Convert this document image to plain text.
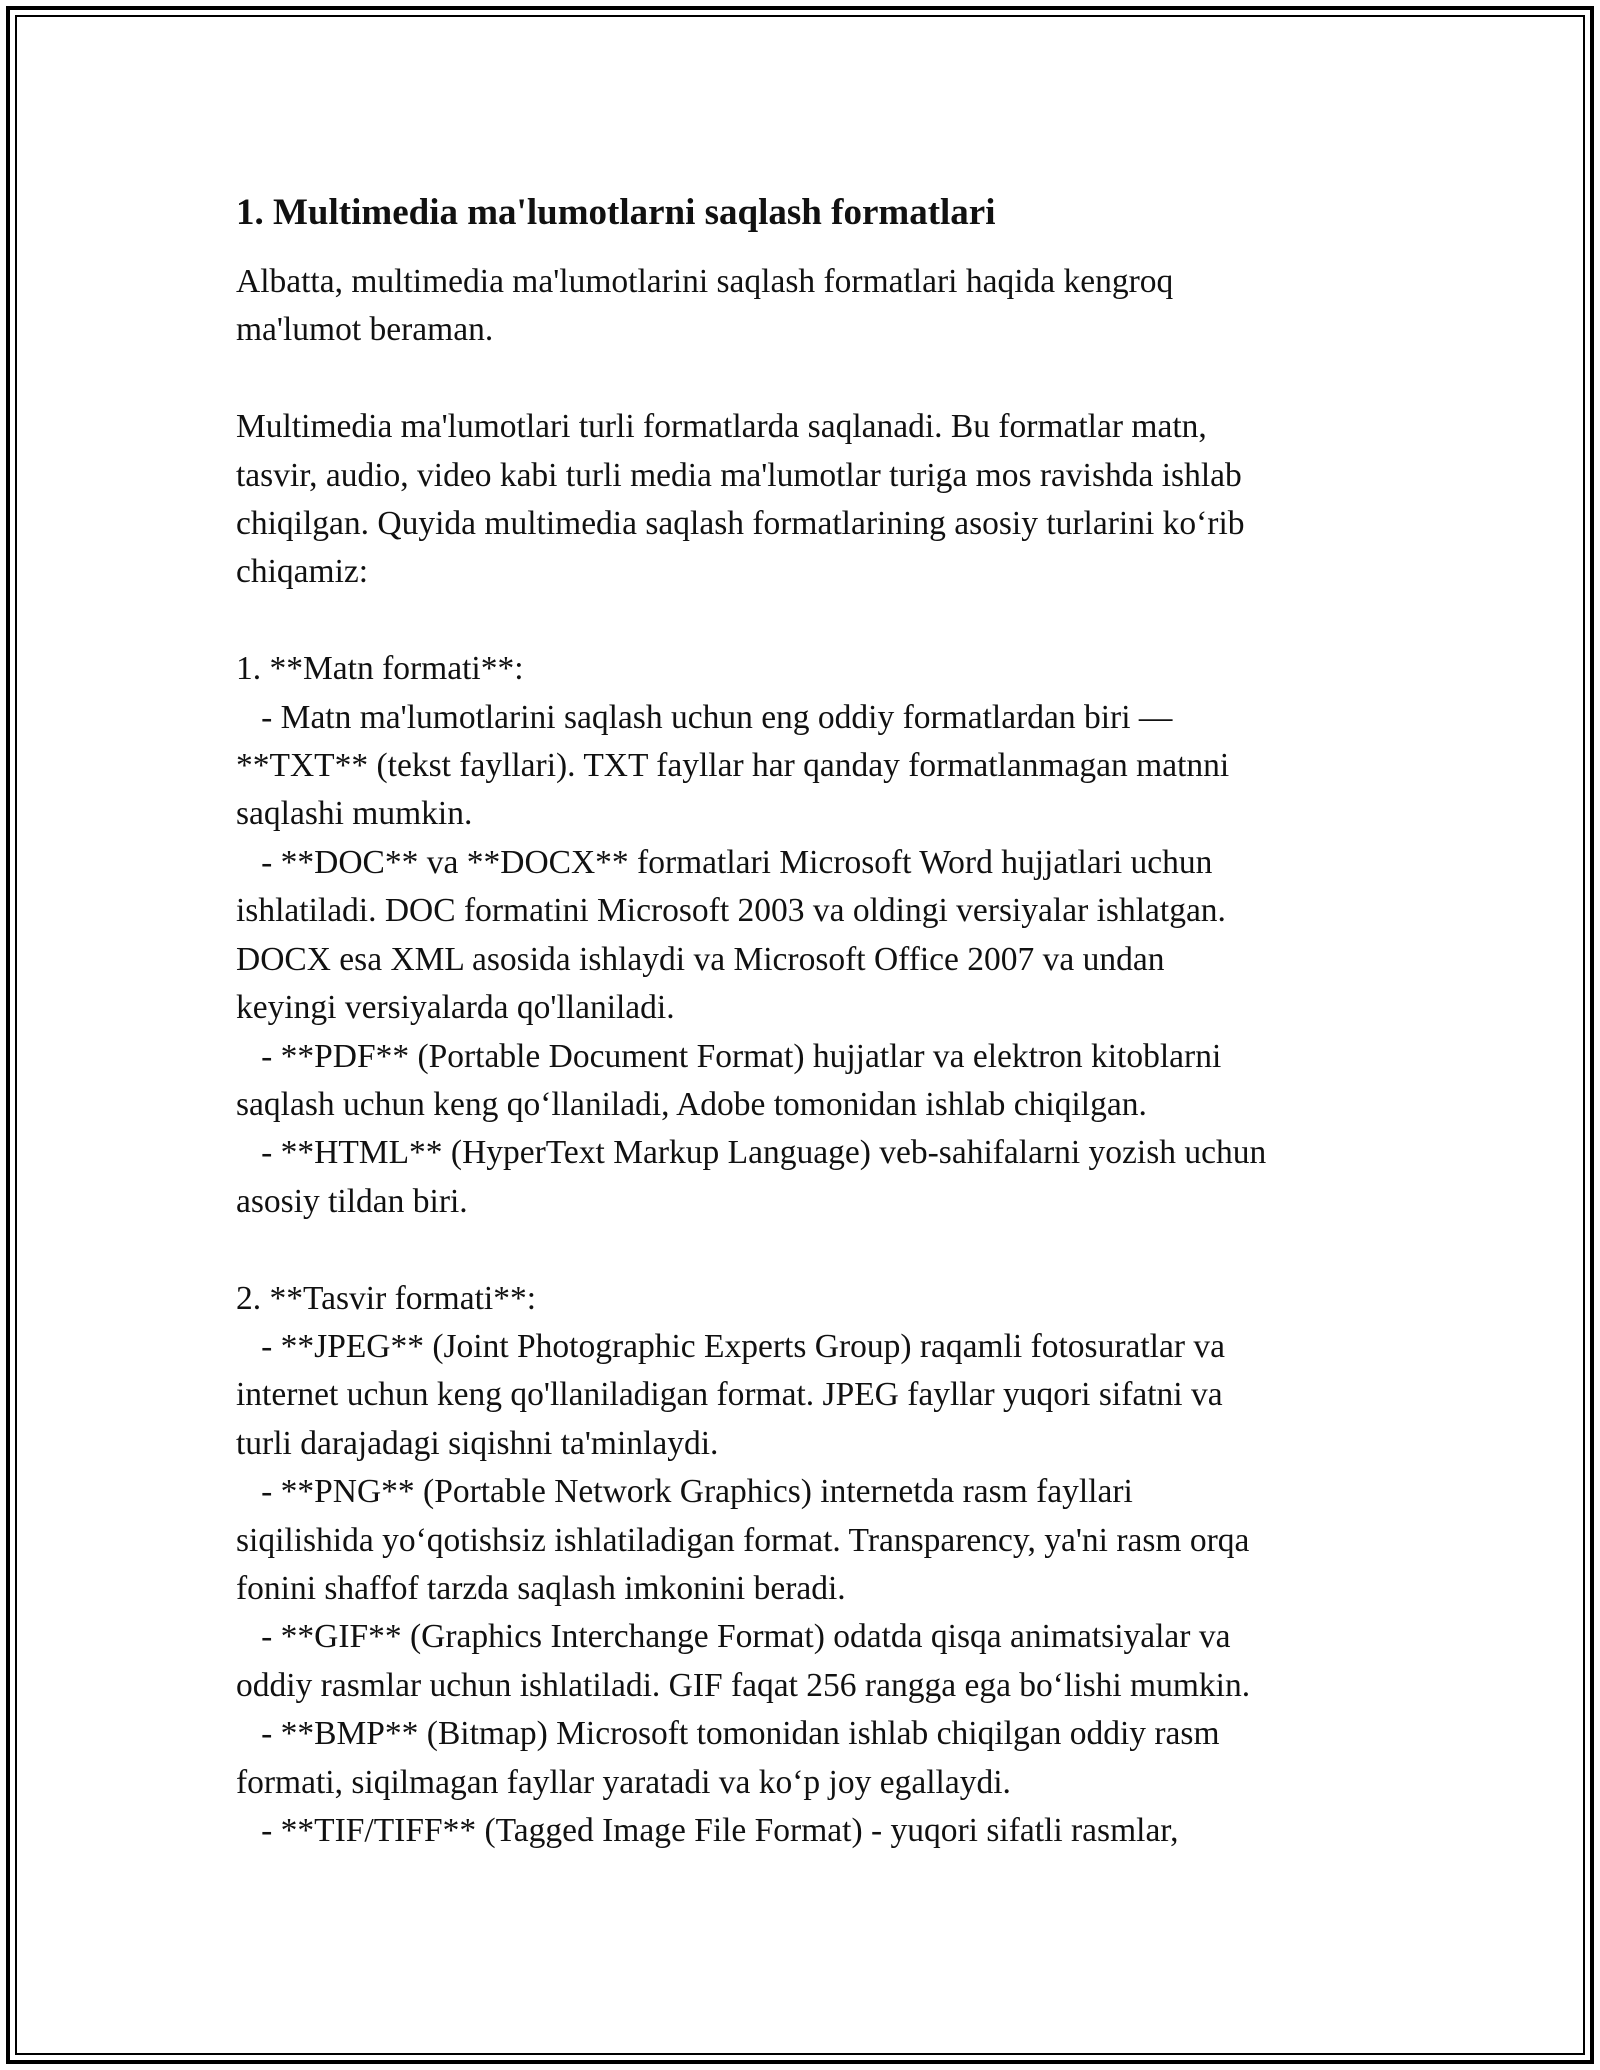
1. Multimedia ma'lumotlarni saqlash formatlari

Albatta, multimedia ma'lumotlarini saqlash formatlari haqida kengroq
ma'lumot beraman.

Multimedia ma'lumotlari turli formatlarda saqlanadi. Bu formatlar matn,
tasvir, audio, video kabi turli media ma'lumotlar turiga mos ravishda ishlab
chiqilgan. Quyida multimedia saqlash formatlarining asosiy turlarini ko‘rib
chiqamiz:

1. **Matn formati**:
- Matn ma'lumotlarini saqlash uchun eng oddiy formatlardan biri —
**TXT** (tekst fayllari). TXT fayllar har qanday formatlanmagan matnni
saqlashi mumkin.
- **DOC** va **DOCX** formatlari Microsoft Word hujjatlari uchun
ishlatiladi. DOC formatini Microsoft 2003 va oldingi versiyalar ishlatgan.
DOCX esa XML asosida ishlaydi va Microsoft Office 2007 va undan
keyingi versiyalarda qo'llaniladi.
- **PDF** (Portable Document Format) hujjatlar va elektron kitoblarni
saqlash uchun keng qo‘llaniladi, Adobe tomonidan ishlab chiqilgan.
- **HTML** (HyperText Markup Language) veb-sahifalarni yozish uchun
asosiy tildan biri.

2. **Tasvir formati**:
- **JPEG** (Joint Photographic Experts Group) raqamli fotosuratlar va
internet uchun keng qo'llaniladigan format. JPEG fayllar yuqori sifatni va
turli darajadagi siqishni ta'minlaydi.
- **PNG** (Portable Network Graphics) internetda rasm fayllari
siqilishida yo‘qotishsiz ishlatiladigan format. Transparency, ya'ni rasm orqa
fonini shaffof tarzda saqlash imkonini beradi.
- **GIF** (Graphics Interchange Format) odatda qisqa animatsiyalar va
oddiy rasmlar uchun ishlatiladi. GIF faqat 256 rangga ega bo‘lishi mumkin.
- **BMP** (Bitmap) Microsoft tomonidan ishlab chiqilgan oddiy rasm
formati, siqilmagan fayllar yaratadi va ko‘p joy egallaydi.
- **TIF/TIFF** (Tagged Image File Format) - yuqori sifatli rasmlar,
